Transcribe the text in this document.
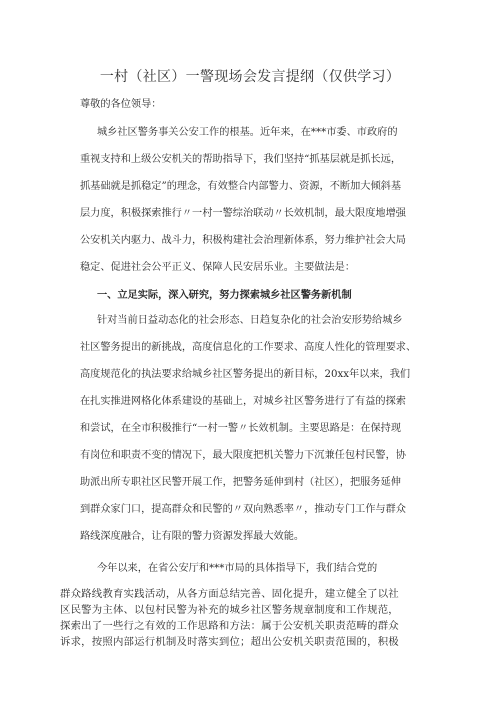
一村（社区）一警现场会发言提纲（仅供学习）
尊敬的各位领导：
城乡社区警务事关公安工作的根基。近年来，在***市委、市政府的
重视支持和上级公安机关的帮助指导下，我们坚持“抓基层就是抓长远，
抓基础就是抓稳定”的理念，有效整合内部警力、资源，不断加大倾斜基
层力度，积极探索推行〃一村一警综治联动〃长效机制，最大限度地增强
公安机关内驱力、战斗力，积极构建社会治理新体系，努力维护社会大局
稳定、促进社会公平正义、保障人民安居乐业。主要做法是：
一、立足实际，深入研究，努力探索城乡社区警务新机制
针对当前日益动态化的社会形态、日趋复杂化的社会治安形势给城乡
社区警务提出的新挑战，高度信息化的工作要求、高度人性化的管理要求、
高度规范化的执法要求给城乡社区警务提出的新目标，20xx年以来，我们
在扎实推进网格化体系建设的基础上，对城乡社区警务进行了有益的探索
和尝试，在全市积极推行“一村一警〃长效机制。主要思路是：在保持现
有岗位和职责不变的情况下，最大限度把机关警力下沉兼任包村民警，协
助派出所专职社区民警开展工作，把警务延伸到村（社区），把服务延伸
到群众家门口，提高群众和民警的〃双向熟悉率〃，推动专门工作与群众
路线深度融合，让有限的警力资源发挥最大效能。
今年以来，在省公安厅和***市局的具体指导下，我们结合党的
群众路线教育实践活动，从各方面总结完善、固化提升，建立健全了以社
区民警为主体、以包村民警为补充的城乡社区警务规章制度和工作规范，
探索出了一些行之有效的工作思路和方法：属于公安机关职责范畴的群众
诉求，按照内部运行机制及时落实到位；超出公安机关职责范围的，积极
